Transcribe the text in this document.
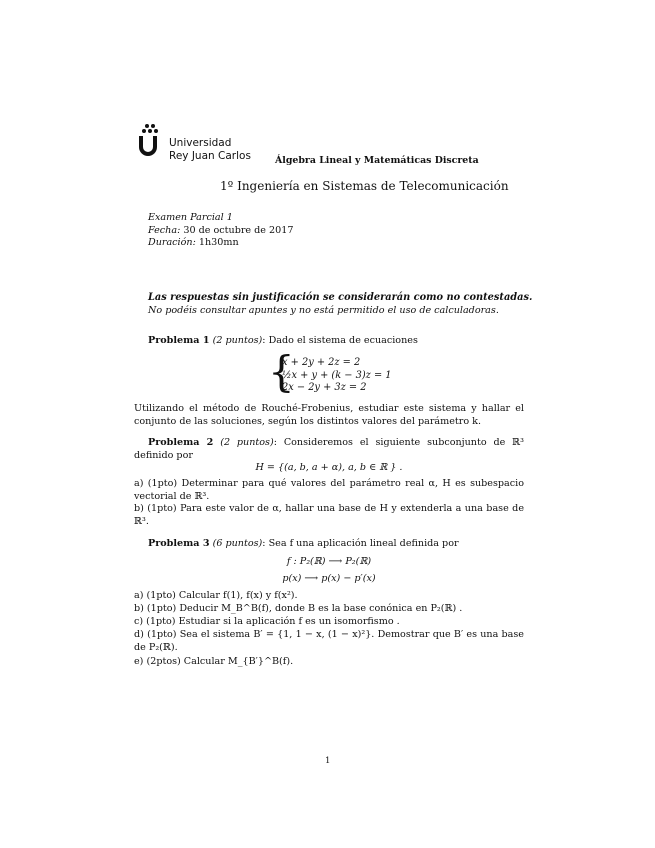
Universidad
Rey Juan Carlos	Álgebra Lineal y Matemáticas Discreta
1º Ingeniería en Sistemas de Telecomunicación
Examen Parcial 1
Fecha: 30 de octubre de 2017
Duración: 1h30mn
Las respuestas sin justificación se considerarán como no contestadas.
No podéis consultar apuntes y no está permitido el uso de calculadoras.
Problema 1 (2 puntos): Dado el sistema de ecuaciones
{
x + 2y + 2z = 2
½x + y + (k − 3)z = 1
2x − 2y + 3z = 2
Utilizando el método de Rouché-Frobenius, estudiar este sistema y hallar el conjunto de las soluciones, según los distintos valores del parámetro k.
Problema 2 (2 puntos): Consideremos el siguiente subconjunto de ℝ³ definido por
H = {(a, b, a + α), a, b ∈ ℝ } .
a) (1pto) Determinar para qué valores del parámetro real α, H es subespacio vectorial de ℝ³.
b) (1pto) Para este valor de α, hallar una base de H y extenderla a una base de ℝ³.
Problema 3 (6 puntos): Sea f una aplicación lineal definida por
f : P₂(ℝ) ⟶ P₂(ℝ)
p(x) ⟶ p(x) − p′(x)
a) (1pto) Calcular f(1), f(x) y f(x²).
b) (1pto) Deducir M_B^B(f), donde B es la base conónica en P₂(ℝ) .
c) (1pto) Estudiar si la aplicación f es un isomorfismo .
d) (1pto) Sea el sistema B′ = {1, 1 − x, (1 − x)²}. Demostrar que B′ es una base de P₂(ℝ).
e) (2ptos) Calcular M_{B′}^B(f).
1
